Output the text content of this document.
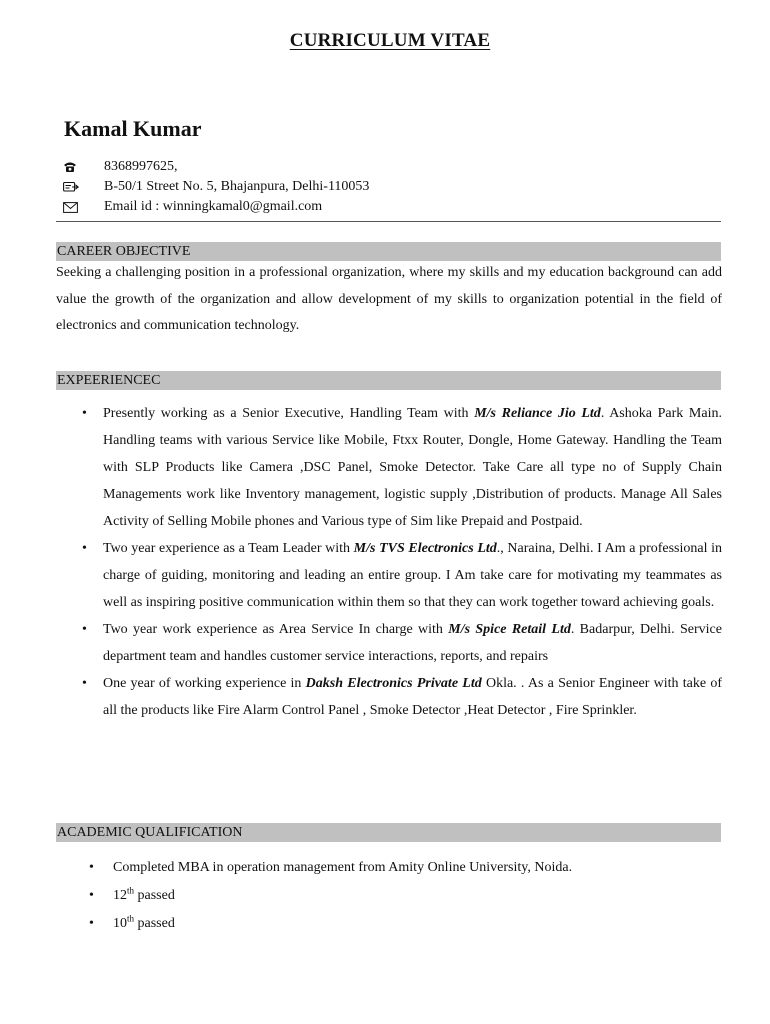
CURRICULUM VITAE
Kamal Kumar
8368997625,
B-50/1 Street No. 5, Bhajanpura, Delhi-110053
Email id : winningkamal0@gmail.com
CAREER OBJECTIVE
Seeking a challenging position in a professional organization, where my skills and my education background can add value the growth of the organization and allow development of my skills to organization potential in the field of electronics and communication technology.
EXPEERIENCEC
• Presently working as a Senior Executive, Handling Team with M/s Reliance Jio Ltd. Ashoka Park Main. Handling teams with various Service like Mobile, Ftxx Router, Dongle, Home Gateway. Handling the Team with SLP Products like Camera ,DSC Panel, Smoke Detector. Take Care all type no of Supply Chain Managements work like Inventory management, logistic supply ,Distribution of products. Manage All Sales Activity of Selling Mobile phones and Various type of Sim like Prepaid and Postpaid.
• Two year experience as a Team Leader with M/s TVS Electronics Ltd., Naraina, Delhi. I Am a professional in charge of guiding, monitoring and leading an entire group. I Am take care for motivating my teammates as well as inspiring positive communication within them so that they can work together toward achieving goals.
• Two year work experience as Area Service In charge with M/s Spice Retail Ltd. Badarpur, Delhi. Service department team and handles customer service interactions, reports, and repairs
• One year of working experience in Daksh Electronics Private Ltd Okla. . As a Senior Engineer with take of all the products like Fire Alarm Control Panel , Smoke Detector ,Heat Detector , Fire Sprinkler.
ACADEMIC QUALIFICATION
• Completed MBA in operation management from Amity Online University, Noida.
• 12th passed
• 10th passed
